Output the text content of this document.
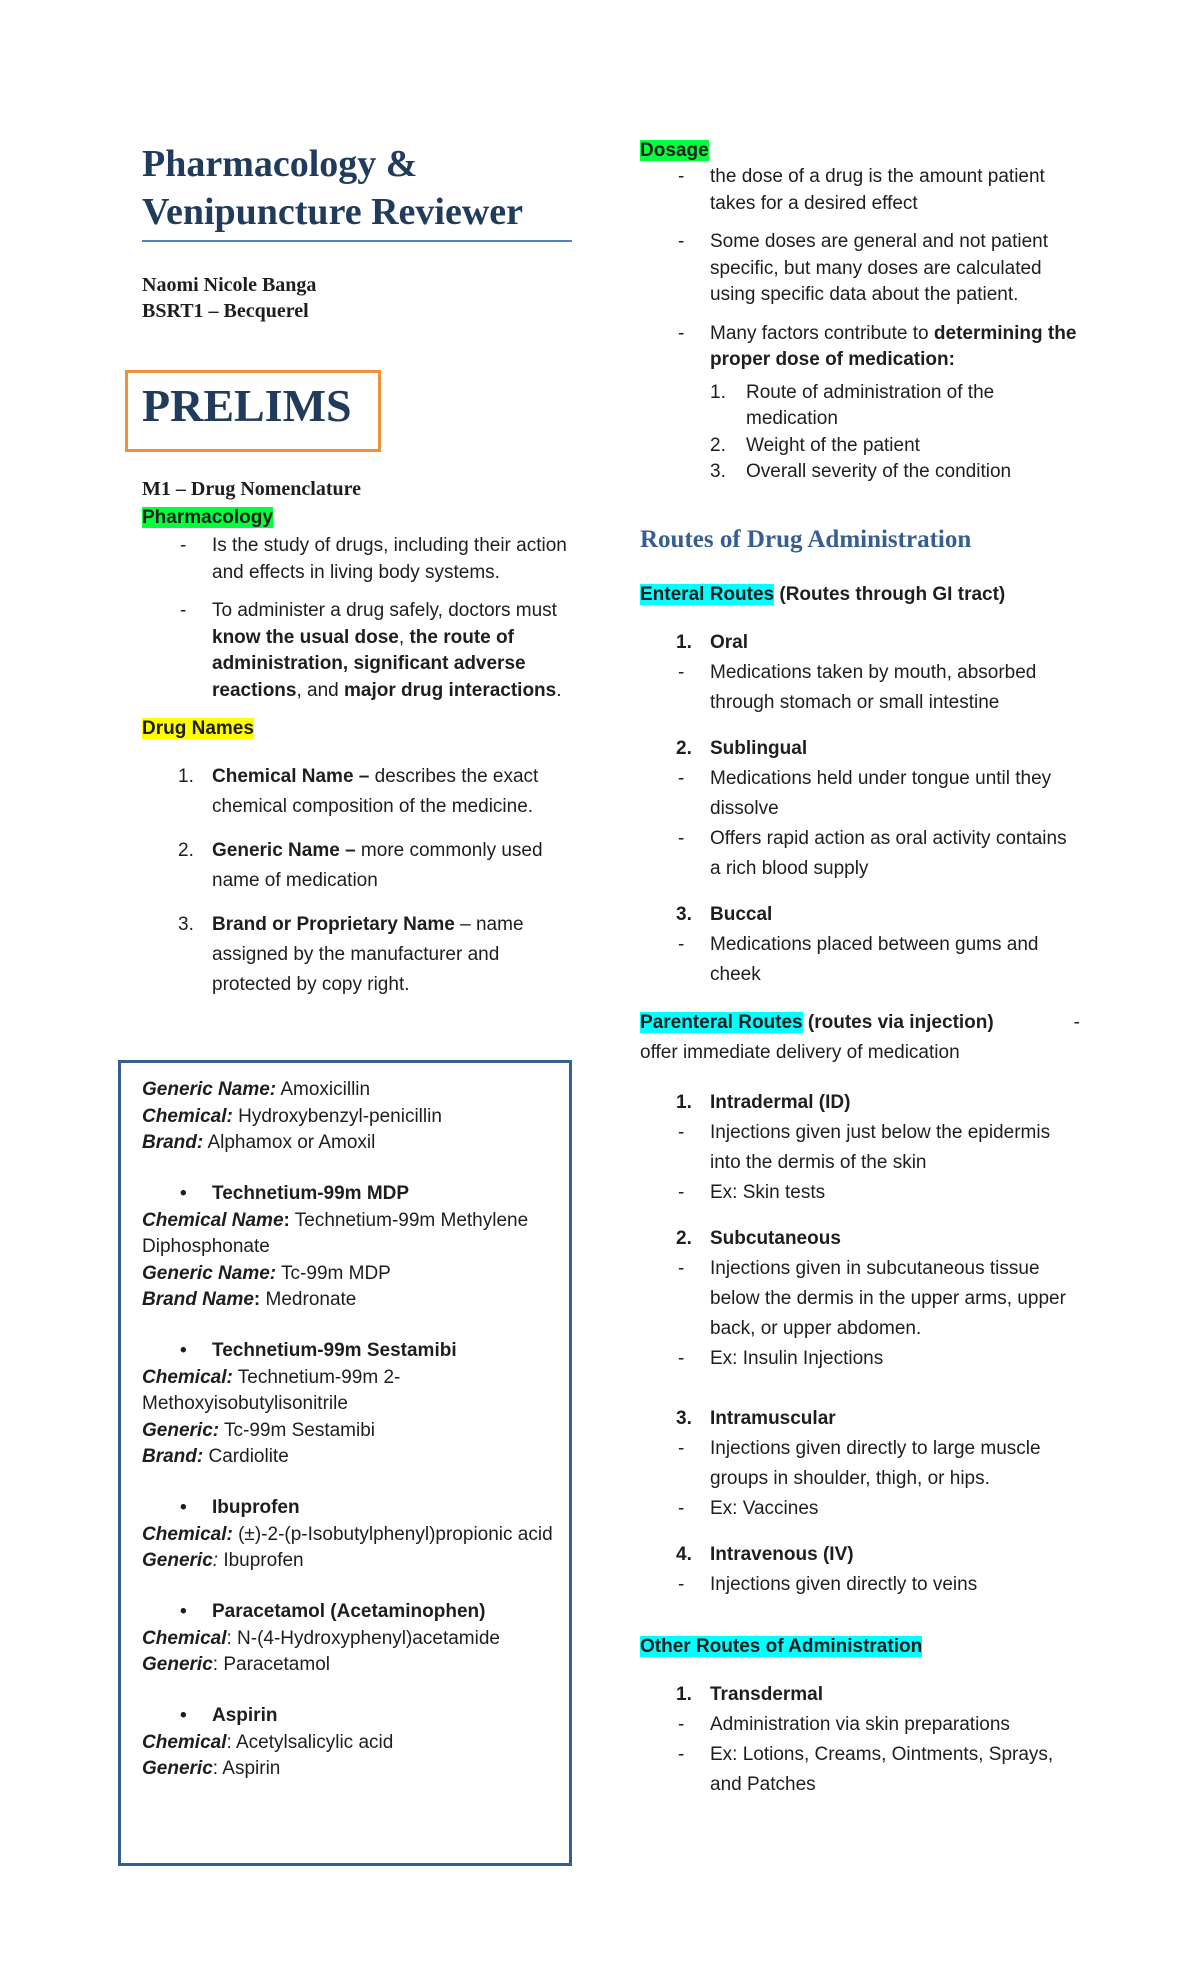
Pharmacology &
Venipuncture Reviewer
Naomi Nicole Banga
BSRT1 – Becquerel
PRELIMS
M1 – Drug Nomenclature
Pharmacology
- Is the study of drugs, including their action and effects in living body systems.
- To administer a drug safely, doctors must know the usual dose, the route of administration, significant adverse reactions, and major drug interactions.
Drug Names
1. Chemical Name – describes the exact chemical composition of the medicine.
2. Generic Name – more commonly used name of medication
3. Brand or Proprietary Name – name assigned by the manufacturer and protected by copy right.
Generic Name: Amoxicillin
Chemical: Hydroxybenzyl-penicillin
Brand: Alphamox or Amoxil
• Technetium-99m MDP
Chemical Name: Technetium-99m Methylene Diphosphonate
Generic Name: Tc-99m MDP
Brand Name: Medronate
• Technetium-99m Sestamibi
Chemical: Technetium-99m 2-Methoxyisobutylisonitrile
Generic: Tc-99m Sestamibi
Brand: Cardiolite
• Ibuprofen
Chemical: (±)-2-(p-Isobutylphenyl)propionic acid
Generic: Ibuprofen
• Paracetamol (Acetaminophen)
Chemical: N-(4-Hydroxyphenyl)acetamide
Generic: Paracetamol
• Aspirin
Chemical: Acetylsalicylic acid
Generic: Aspirin
Dosage
- the dose of a drug is the amount patient takes for a desired effect
- Some doses are general and not patient specific, but many doses are calculated using specific data about the patient.
- Many factors contribute to determining the proper dose of medication:
1. Route of administration of the medication
2. Weight of the patient
3. Overall severity of the condition
Routes of Drug Administration
Enteral Routes (Routes through GI tract)
1. Oral
- Medications taken by mouth, absorbed through stomach or small intestine
2. Sublingual
- Medications held under tongue until they dissolve
- Offers rapid action as oral activity contains a rich blood supply
3. Buccal
- Medications placed between gums and cheek
Parenteral Routes (routes via injection)	-

offer immediate delivery of medication
1. Intradermal (ID)
- Injections given just below the epidermis into the dermis of the skin
- Ex: Skin tests
2. Subcutaneous
- Injections given in subcutaneous tissue below the dermis in the upper arms, upper back, or upper abdomen.
- Ex: Insulin Injections
3. Intramuscular
- Injections given directly to large muscle groups in shoulder, thigh, or hips.
- Ex: Vaccines
4. Intravenous (IV)
- Injections given directly to veins
Other Routes of Administration
1. Transdermal
- Administration via skin preparations
- Ex: Lotions, Creams, Ointments, Sprays, and Patches
